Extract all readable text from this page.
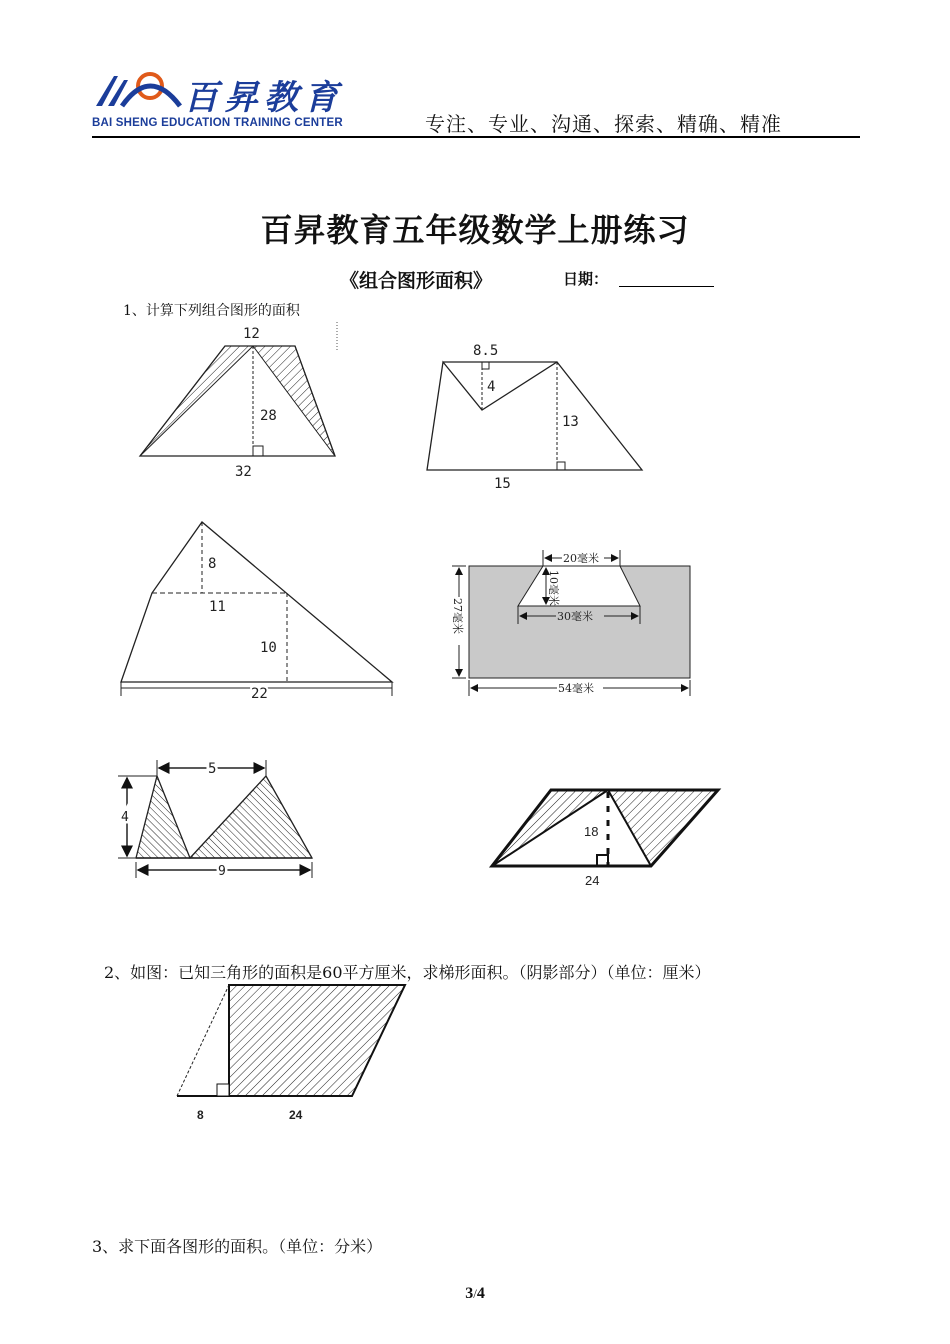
百昇教育
BAI SHENG EDUCATION TRAINING CENTER	专注、专业、沟通、探索、精确、精准
百昇教育五年级数学上册练习
《组合图形面积》	日期：
1、计算下列组合图形的面积
12
28
32
8.5
4
13
15
8
11
10
22
20毫米
10毫米
30毫米
27毫米
54毫米
5
4
9
18
24
2、如图：已知三角形的面积是60平方厘米，求梯形面积。（阴影部分）（单位：厘米）
8	24
3、求下面各图形的面积。（单位：分米）
3/4
